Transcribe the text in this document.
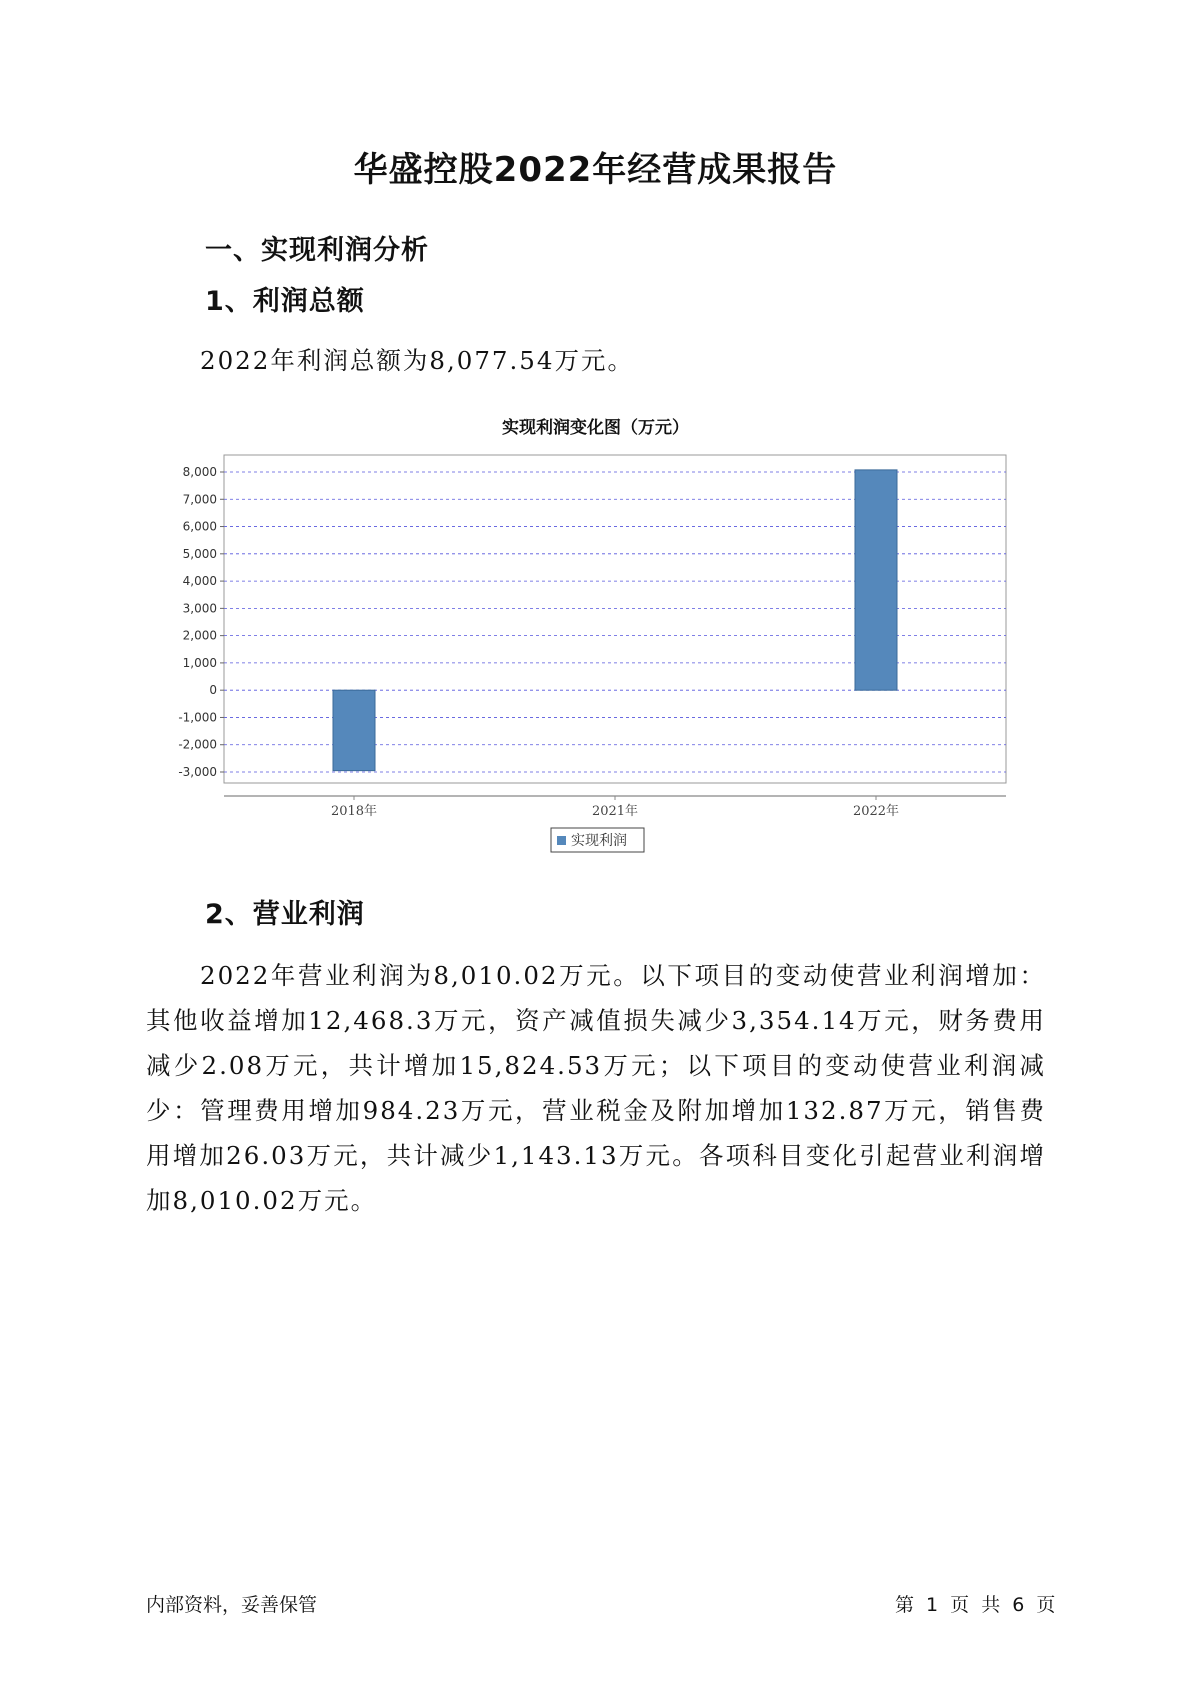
华盛控股2022年经营成果报告
一、实现利润分析
1、利润总额
2022年利润总额为8,077.54万元。
实现利润变化图（万元）
8,000
7,000
6,000
5,000
4,000
3,000
2,000
1,000
0
-1,000
-2,000
-3,000
2018年	2021年	2022年
实现利润
2、营业利润
2022年营业利润为8,010.02万元。以下项目的变动使营业利润增加：其他收益增加12,468.3万元，资产减值损失减少3,354.14万元，财务费用减少2.08万元，共计增加15,824.53万元；以下项目的变动使营业利润减少：管理费用增加984.23万元，营业税金及附加增加132.87万元，销售费用增加26.03万元，共计减少1,143.13万元。各项科目变化引起营业利润增加8,010.02万元。
内部资料，妥善保管	第 1 页 共 6 页
